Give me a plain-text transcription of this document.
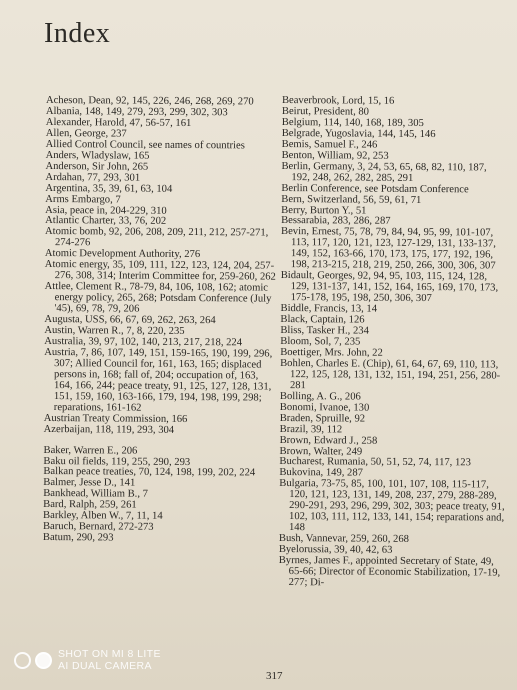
Index
Acheson, Dean, 92, 145, 226, 246, 268, 269, 270
Albania, 148, 149, 279, 293, 299, 302, 303
Alexander, Harold, 47, 56-57, 161
Allen, George, 237
Allied Control Council, see names of countries
Anders, Wladyslaw, 165
Anderson, Sir John, 265
Ardahan, 77, 293, 301
Argentina, 35, 39, 61, 63, 104
Arms Embargo, 7
Asia, peace in, 204-229, 310
Atlantic Charter, 33, 76, 202
Atomic bomb, 92, 206, 208, 209, 211, 212, 257-271, 274-276
Atomic Development Authority, 276
Atomic energy, 35, 109, 111, 122, 123, 124, 204, 257-276, 308, 314; Interim Committee for, 259-260, 262
Attlee, Clement R., 78-79, 84, 106, 108, 162; atomic energy policy, 265, 268; Potsdam Conference (July '45), 69, 78, 79, 206
Augusta, USS, 66, 67, 69, 262, 263, 264
Austin, Warren R., 7, 8, 220, 235
Australia, 39, 97, 102, 140, 213, 217, 218, 224
Austria, 7, 86, 107, 149, 151, 159-165, 190, 199, 296, 307; Allied Council for, 161, 163, 165; displaced persons in, 168; fall of, 204; occupation of, 163, 164, 166, 244; peace treaty, 91, 125, 127, 128, 131, 151, 159, 160, 163-166, 179, 194, 198, 199, 298; reparations, 161-162
Austrian Treaty Commission, 166
Azerbaijan, 118, 119, 293, 304
Baker, Warren E., 206
Baku oil fields, 119, 255, 290, 293
Balkan peace treaties, 70, 124, 198, 199, 202, 224
Balmer, Jesse D., 141
Bankhead, William B., 7
Bard, Ralph, 259, 261
Barkley, Alben W., 7, 11, 14
Baruch, Bernard, 272-273
Batum, 290, 293
Beaverbrook, Lord, 15, 16
Beirut, President, 80
Belgium, 114, 140, 168, 189, 305
Belgrade, Yugoslavia, 144, 145, 146
Bemis, Samuel F., 246
Benton, William, 92, 253
Berlin, Germany, 3, 24, 53, 65, 68, 82, 110, 187, 192, 248, 262, 282, 285, 291
Berlin Conference, see Potsdam Conference
Bern, Switzerland, 56, 59, 61, 71
Berry, Burton Y., 51
Bessarabia, 283, 286, 287
Bevin, Ernest, 75, 78, 79, 84, 94, 95, 99, 101-107, 113, 117, 120, 121, 123, 127-129, 131, 133-137, 149, 152, 163-66, 170, 173, 175, 177, 192, 196, 198, 213-215, 218, 219, 250, 266, 300, 306, 307
Bidault, Georges, 92, 94, 95, 103, 115, 124, 128, 129, 131-137, 141, 152, 164, 165, 169, 170, 173, 175-178, 195, 198, 250, 306, 307
Biddle, Francis, 13, 14
Black, Captain, 126
Bliss, Tasker H., 234
Bloom, Sol, 7, 235
Boettiger, Mrs. John, 22
Bohlen, Charles E. (Chip), 61, 64, 67, 69, 110, 113, 122, 125, 128, 131, 132, 151, 194, 251, 256, 280-281
Bolling, A. G., 206
Bonomi, Ivanoe, 130
Braden, Spruille, 92
Brazil, 39, 112
Brown, Edward J., 258
Brown, Walter, 249
Bucharest, Rumania, 50, 51, 52, 74, 117, 123
Bukovina, 149, 287
Bulgaria, 73-75, 85, 100, 101, 107, 108, 115-117, 120, 121, 123, 131, 149, 208, 237, 279, 288-289, 290-291, 293, 296, 299, 302, 303; peace treaty, 91, 102, 103, 111, 112, 133, 141, 154; reparations and, 148
Bush, Vannevar, 259, 260, 268
Byelorussia, 39, 40, 42, 63
Byrnes, James F., appointed Secretary of State, 49, 65-66; Director of Economic Stabilization, 17-19, 277; Di-
317
SHOT ON MI 8 LITE
AI DUAL CAMERA
